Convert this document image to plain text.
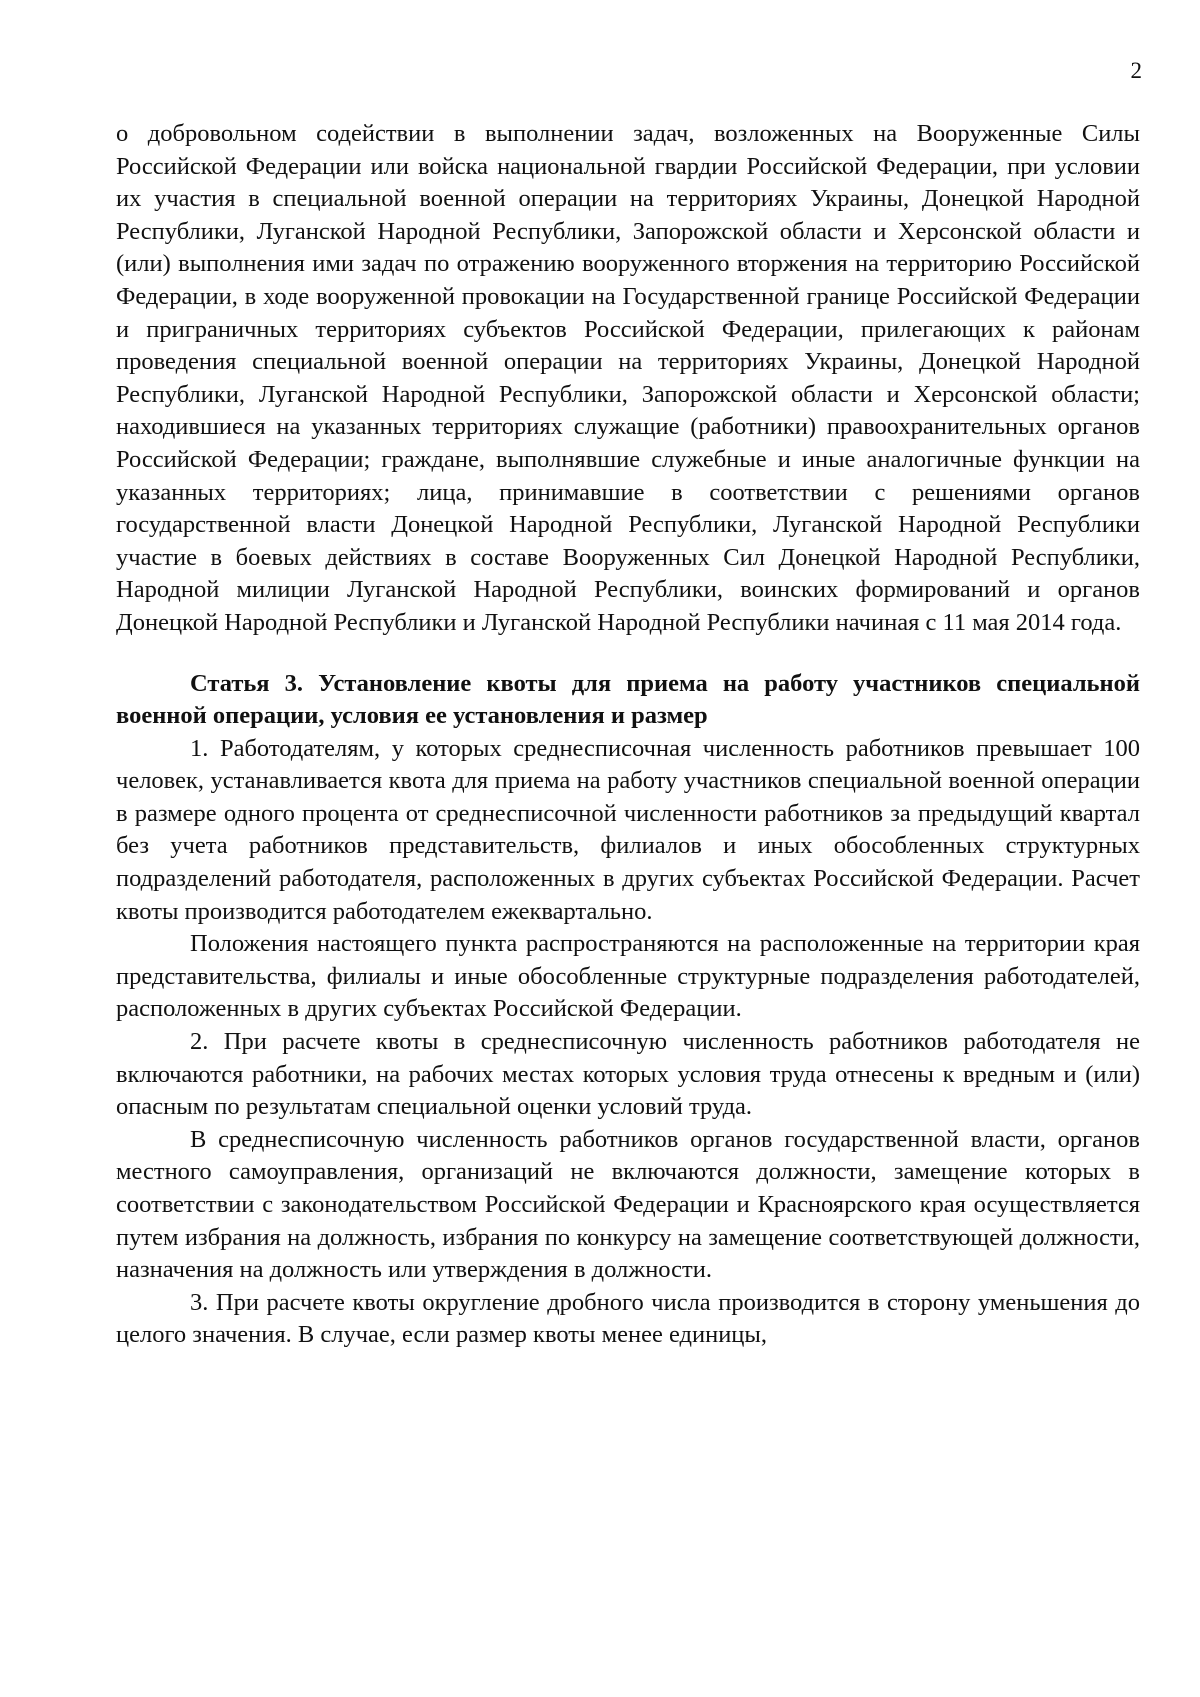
2

о добровольном содействии в выполнении задач, возложенных на Вооруженные Силы Российской Федерации или войска национальной гвардии Российской Федерации, при условии их участия в специальной военной операции на территориях Украины, Донецкой Народной Республики, Луганской Народной Республики, Запорожской области и Херсонской области и (или) выполнения ими задач по отражению вооруженного вторжения на территорию Российской Федерации, в ходе вооруженной провокации на Государственной границе Российской Федерации и приграничных территориях субъектов Российской Федерации, прилегающих к районам проведения специальной военной операции на территориях Украины, Донецкой Народной Республики, Луганской Народной Республики, Запорожской области и Херсонской области; находившиеся на указанных территориях служащие (работники) правоохранительных органов Российской Федерации; граждане, выполнявшие служебные и иные аналогичные функции на указанных территориях; лица, принимавшие в соответствии с решениями органов государственной власти Донецкой Народной Республики, Луганской Народной Республики участие в боевых действиях в составе Вооруженных Сил Донецкой Народной Республики, Народной милиции Луганской Народной Республики, воинских формирований и органов Донецкой Народной Республики и Луганской Народной Республики начиная с 11 мая 2014 года.

Статья 3. Установление квоты для приема на работу участников специальной военной операции, условия ее установления и размер

1. Работодателям, у которых среднесписочная численность работников превышает 100 человек, устанавливается квота для приема на работу участников специальной военной операции в размере одного процента от среднесписочной численности работников за предыдущий квартал без учета работников представительств, филиалов и иных обособленных структурных подразделений работодателя, расположенных в других субъектах Российской Федерации. Расчет квоты производится работодателем ежеквартально.

Положения настоящего пункта распространяются на расположенные на территории края представительства, филиалы и иные обособленные структурные подразделения работодателей, расположенных в других субъектах Российской Федерации.

2. При расчете квоты в среднесписочную численность работников работодателя не включаются работники, на рабочих местах которых условия труда отнесены к вредным и (или) опасным по результатам специальной оценки условий труда.

В среднесписочную численность работников органов государственной власти, органов местного самоуправления, организаций не включаются должности, замещение которых в соответствии с законодательством Российской Федерации и Красноярского края осуществляется путем избрания на должность, избрания по конкурсу на замещение соответствующей должности, назначения на должность или утверждения в должности.

3. При расчете квоты округление дробного числа производится в сторону уменьшения до целого значения. В случае, если размер квоты менее единицы,
